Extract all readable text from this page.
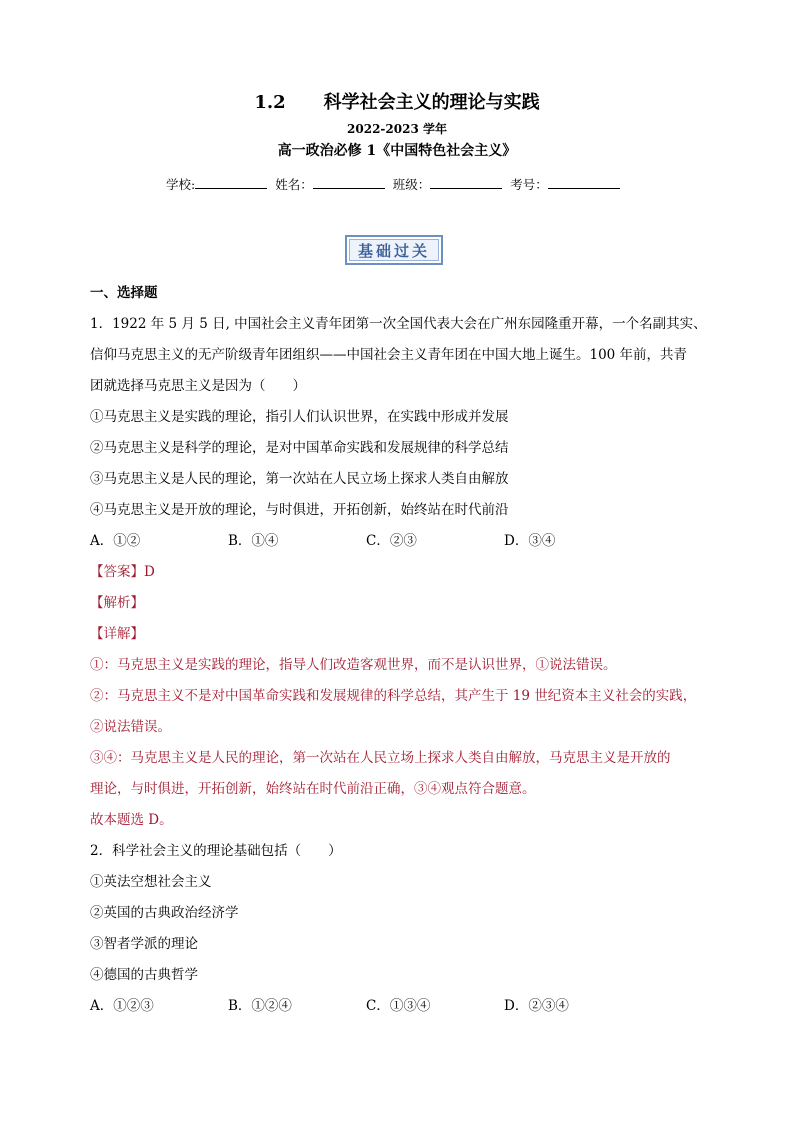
1.2 科学社会主义的理论与实践
2022-2023 学年
高一政治必修 1《中国特色社会主义》
学校:	姓名：	班级：	考号：
基础过关

一、选择题

1．1922 年 5 月 5 日, 中国社会主义青年团第一次全国代表大会在广州东园隆重开幕，一个名副其实、

信仰马克思主义的无产阶级青年团组织——中国社会主义青年团在中国大地上诞生。100 年前，共青

团就选择马克思主义是因为（　　）

①马克思主义是实践的理论，指引人们认识世界，在实践中形成并发展

②马克思主义是科学的理论，是对中国革命实践和发展规律的科学总结

③马克思主义是人民的理论，第一次站在人民立场上探求人类自由解放

④马克思主义是开放的理论，与时俱进，开拓创新，始终站在时代前沿

A．①②	B．①④	C．②③	D．③④

【答案】D

【解析】

【详解】

①：马克思主义是实践的理论，指导人们改造客观世界，而不是认识世界，①说法错误。

②：马克思主义不是对中国革命实践和发展规律的科学总结，其产生于 19 世纪资本主义社会的实践，

②说法错误。

③④：马克思主义是人民的理论，第一次站在人民立场上探求人类自由解放，马克思主义是开放的

理论，与时俱进，开拓创新，始终站在时代前沿正确，③④观点符合题意。

故本题选 D。

2．科学社会主义的理论基础包括（　　）

①英法空想社会主义

②英国的古典政治经济学

③智者学派的理论

④德国的古典哲学

A．①②③	B．①②④	C．①③④	D．②③④
